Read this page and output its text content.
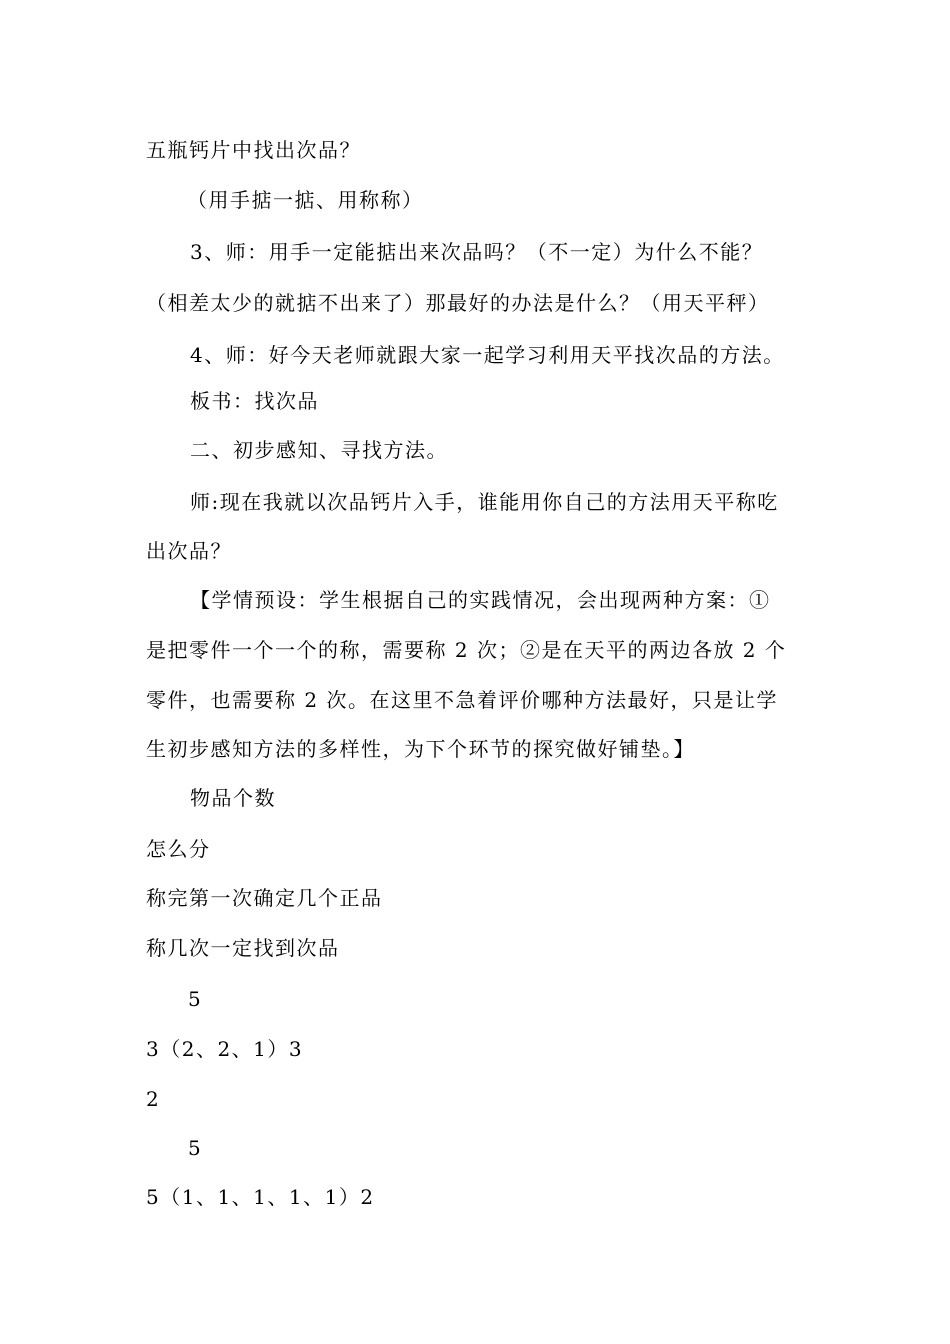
五瓶钙片中找出次品？
（用手掂一掂、用称称）
3、师：用手一定能掂出来次品吗？（不一定）为什么不能？
（相差太少的就掂不出来了）那最好的办法是什么？（用天平秤）
4、师：好今天老师就跟大家一起学习利用天平找次品的方法。
板书：找次品
二、初步感知、寻找方法。
师:现在我就以次品钙片入手，谁能用你自己的方法用天平称吃
出次品？
【学情预设：学生根据自己的实践情况，会出现两种方案：①
是把零件一个一个的称，需要称 2 次；②是在天平的两边各放 2 个
零件，也需要称 2 次。在这里不急着评价哪种方法最好，只是让学
生初步感知方法的多样性，为下个环节的探究做好铺垫。】
物品个数
怎么分
称完第一次确定几个正品
称几次一定找到次品
5
3（2、2、1）3
2
5
5（1、1、1、1、1）2
